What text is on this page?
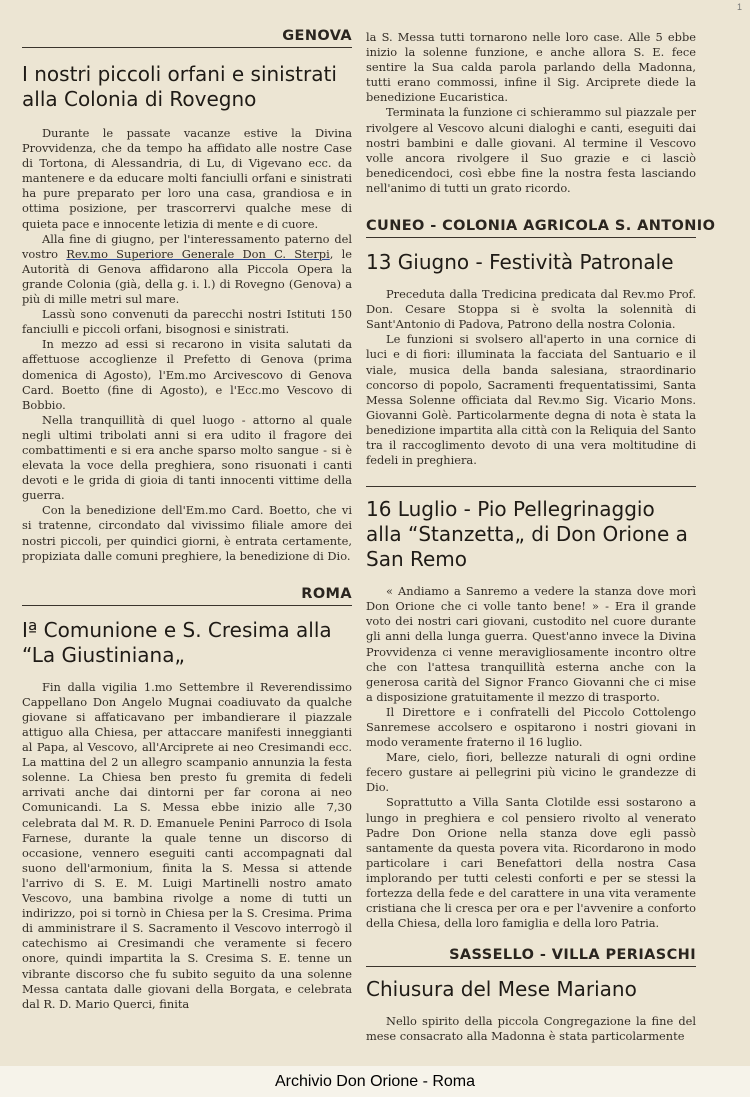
1
GENOVA
I nostri piccoli orfani e sinistrati alla Colonia di Rovegno

Durante le passate vacanze estive la Divina Provvidenza, che da tempo ha affidato alle nostre Case di Tortona, di Alessandria, di Lu, di Vigevano ecc. da mantenere e da educare molti fanciulli orfani e sinistrati ha pure preparato per loro una casa, grandiosa e in ottima posizione, per trascorrervi qualche mese di quieta pace e innocente letizia di mente e di cuore.

Alla fine di giugno, per l'interessamento paterno del vostro Rev.mo Superiore Generale Don C. Sterpi, le Autorità di Genova affidarono alla Piccola Opera la grande Colonia (già, della g. i. l.) di Rovegno (Genova) a più di mille metri sul mare.

Lassù sono convenuti da parecchi nostri Istituti 150 fanciulli e piccoli orfani, bisognosi e sinistrati.

In mezzo ad essi si recarono in visita salutati da affettuose accoglienze il Prefetto di Genova (prima domenica di Agosto), l'Em.mo Arcivescovo di Genova Card. Boetto (fine di Agosto), e l'Ecc.mo Vescovo di Bobbio.

Nella tranquillità di quel luogo - attorno al quale negli ultimi tribolati anni si era udito il fragore dei combattimenti e si era anche sparso molto sangue - si è elevata la voce della preghiera, sono risuonati i canti devoti e le grida di gioia di tanti innocenti vittime della guerra.

Con la benedizione dell'Em.mo Card. Boetto, che vi si tratenne, circondato dal vivissimo filiale amore dei nostri piccoli, per quindici giorni, è entrata certamente, propiziata dalle comuni preghiere, la benedizione di Dio.

ROMA
Iª Comunione e S. Cresima alla “La Giustiniana„

Fin dalla vigilia 1.mo Settembre il Reverendissimo Cappellano Don Angelo Mugnai coadiuvato da qualche giovane si affaticavano per imbandierare il piazzale attiguo alla Chiesa, per attaccare manifesti inneggianti al Papa, al Vescovo, all'Arciprete ai neo Cresimandi ecc. La mattina del 2 un allegro scampanio annunzia la festa solenne. La Chiesa ben presto fu gremita di fedeli arrivati anche dai dintorni per far corona ai neo Comunicandi. La S. Messa ebbe inizio alle 7,30 celebrata dal M. R. D. Emanuele Penini Parroco di Isola Farnese, durante la quale tenne un discorso di occasione, vennero eseguiti canti accompagnati dal suono dell'armonium, finita la S. Messa si attende l'arrivo di S. E. M. Luigi Martinelli nostro amato Vescovo, una bambina rivolge a nome di tutti un indirizzo, poi si tornò in Chiesa per la S. Cresima. Prima di amministrare il S. Sacramento il Vescovo interrogò il catechismo ai Cresimandi che veramente si fecero onore, quindi impartita la S. Cresima S. E. tenne un vibrante discorso che fu subito seguito da una solenne Messa cantata dalle giovani della Borgata, e celebrata dal R. D. Mario Querci, finita

la S. Messa tutti tornarono nelle loro case. Alle 5 ebbe inizio la solenne funzione, e anche allora S. E. fece sentire la Sua calda parola parlando della Madonna, tutti erano commossi, infine il Sig. Arciprete diede la benedizione Eucaristica.

Terminata la funzione ci schierammo sul piazzale per rivolgere al Vescovo alcuni dialoghi e canti, eseguiti dai nostri bambini e dalle giovani. Al termine il Vescovo volle ancora rivolgere il Suo grazie e ci lasciò benedicendoci, così ebbe fine la nostra festa lasciando nell'animo di tutti un grato ricordo.

CUNEO - COLONIA AGRICOLA S. ANTONIO
13 Giugno - Festività Patronale

Preceduta dalla Tredicina predicata dal Rev.mo Prof. Don. Cesare Stoppa si è svolta la solennità di Sant'Antonio di Padova, Patrono della nostra Colonia.

Le funzioni si svolsero all'aperto in una cornice di luci e di fiori: illuminata la facciata del Santuario e il viale, musica della banda salesiana, straordinario concorso di popolo, Sacramenti frequentatissimi, Santa Messa Solenne officiata dal Rev.mo Sig. Vicario Mons. Giovanni Golè. Particolarmente degna di nota è stata la benedizione impartita alla città con la Reliquia del Santo tra il raccoglimento devoto di una vera moltitudine di fedeli in preghiera.

16 Luglio - Pio Pellegrinaggio alla “Stanzetta„ di Don Orione a San Remo

« Andiamo a Sanremo a vedere la stanza dove morì Don Orione che ci volle tanto bene! » - Era il grande voto dei nostri cari giovani, custodito nel cuore durante gli anni della lunga guerra. Quest'anno invece la Divina Provvidenza ci venne meravigliosamente incontro oltre che con l'attesa tranquillità esterna anche con la generosa carità del Signor Franco Giovanni che ci mise a disposizione gratuitamente il mezzo di trasporto.

Il Direttore e i confratelli del Piccolo Cottolengo Sanremese accolsero e ospitarono i nostri giovani in modo veramente fraterno il 16 luglio.

Mare, cielo, fiori, bellezze naturali di ogni ordine fecero gustare ai pellegrini più vicino le grandezze di Dio.

Soprattutto a Villa Santa Clotilde essi sostarono a lungo in preghiera e col pensiero rivolto al venerato Padre Don Orione nella stanza dove egli passò santamente da questa povera vita. Ricordarono in modo particolare i cari Benefattori della nostra Casa implorando per tutti celesti conforti e per se stessi la fortezza della fede e del carattere in una vita veramente cristiana che li cresca per ora e per l'avvenire a conforto della Chiesa, della loro famiglia e della loro Patria.

SASSELLO - VILLA PERIASCHI
Chiusura del Mese Mariano

Nello spirito della piccola Congregazione la fine del mese consacrato alla Madonna è stata particolarmente

Archivio Don Orione - Roma
